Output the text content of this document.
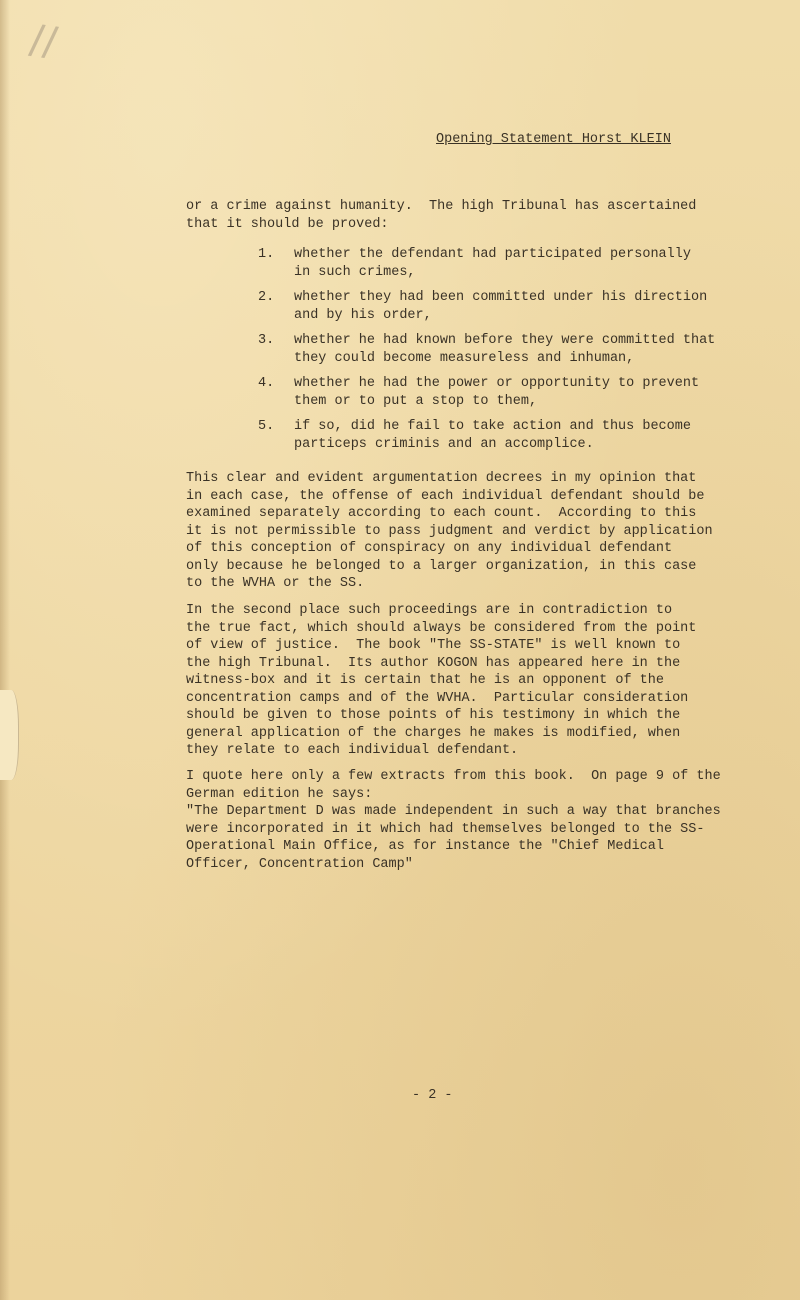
//
Opening Statement Horst KLEIN
or a crime against humanity.  The high Tribunal has ascertained
that it should be proved:
1.	whether the defendant had participated personally
in such crimes,
2.	whether they had been committed under his direction
and by his order,
3.	whether he had known before they were committed that
they could become measureless and inhuman,
4.	whether he had the power or opportunity to prevent
them or to put a stop to them,
5.	if so, did he fail to take action and thus become
particeps criminis and an accomplice.
This clear and evident argumentation decrees in my opinion that
in each case, the offense of each individual defendant should be
examined separately according to each count.  According to this
it is not permissible to pass judgment and verdict by application
of this conception of conspiracy on any individual defendant
only because he belonged to a larger organization, in this case
to the WVHA or the SS.
In the second place such proceedings are in contradiction to
the true fact, which should always be considered from the point
of view of justice.  The book "The SS-STATE" is well known to
the high Tribunal.  Its author KOGON has appeared here in the
witness-box and it is certain that he is an opponent of the
concentration camps and of the WVHA.  Particular consideration
should be given to those points of his testimony in which the
general application of the charges he makes is modified, when
they relate to each individual defendant.
I quote here only a few extracts from this book.  On page 9 of the
German edition he says:
"The Department D was made independent in such a way that branches
were incorporated in it which had themselves belonged to the SS-
Operational Main Office, as for instance the "Chief Medical
Officer, Concentration Camp"
- 2 -
